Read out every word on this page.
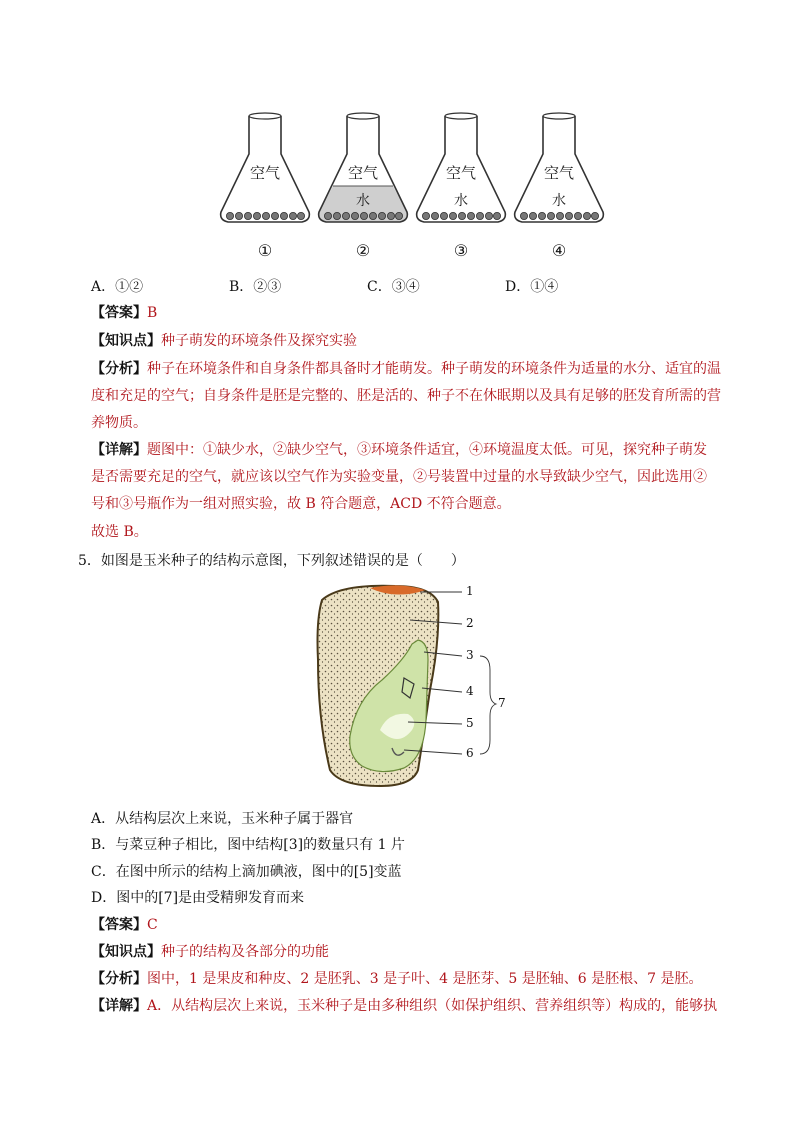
空气
①
空气
水
②
空气
水
③
空气
水
④
A．①②	B．②③	C．③④	D．①④
【答案】B
【知识点】种子萌发的环境条件及探究实验
【分析】种子在环境条件和自身条件都具备时才能萌发。种子萌发的环境条件为适量的水分、适宜的温
度和充足的空气；自身条件是胚是完整的、胚是活的、种子不在休眠期以及具有足够的胚发育所需的营
养物质。
【详解】题图中：①缺少水，②缺少空气，③环境条件适宜，④环境温度太低。可见，探究种子萌发
是否需要充足的空气，就应该以空气作为实验变量，②号装置中过量的水导致缺少空气，因此选用②
号和③号瓶作为一组对照实验，故 B 符合题意，ACD 不符合题意。
故选 B。
5．如图是玉米种子的结构示意图，下列叙述错误的是（　　）
1
2
3
4
5
6
7
A．从结构层次上来说，玉米种子属于器官
B．与菜豆种子相比，图中结构[3]的数量只有 1 片
C．在图中所示的结构上滴加碘液，图中的[5]变蓝
D．图中的[7]是由受精卵发育而来
【答案】C
【知识点】种子的结构及各部分的功能
【分析】图中，1 是果皮和种皮、2 是胚乳、3 是子叶、4 是胚芽、5 是胚轴、6 是胚根、7 是胚。
【详解】A．从结构层次上来说，玉米种子是由多种组织（如保护组织、营养组织等）构成的，能够执
